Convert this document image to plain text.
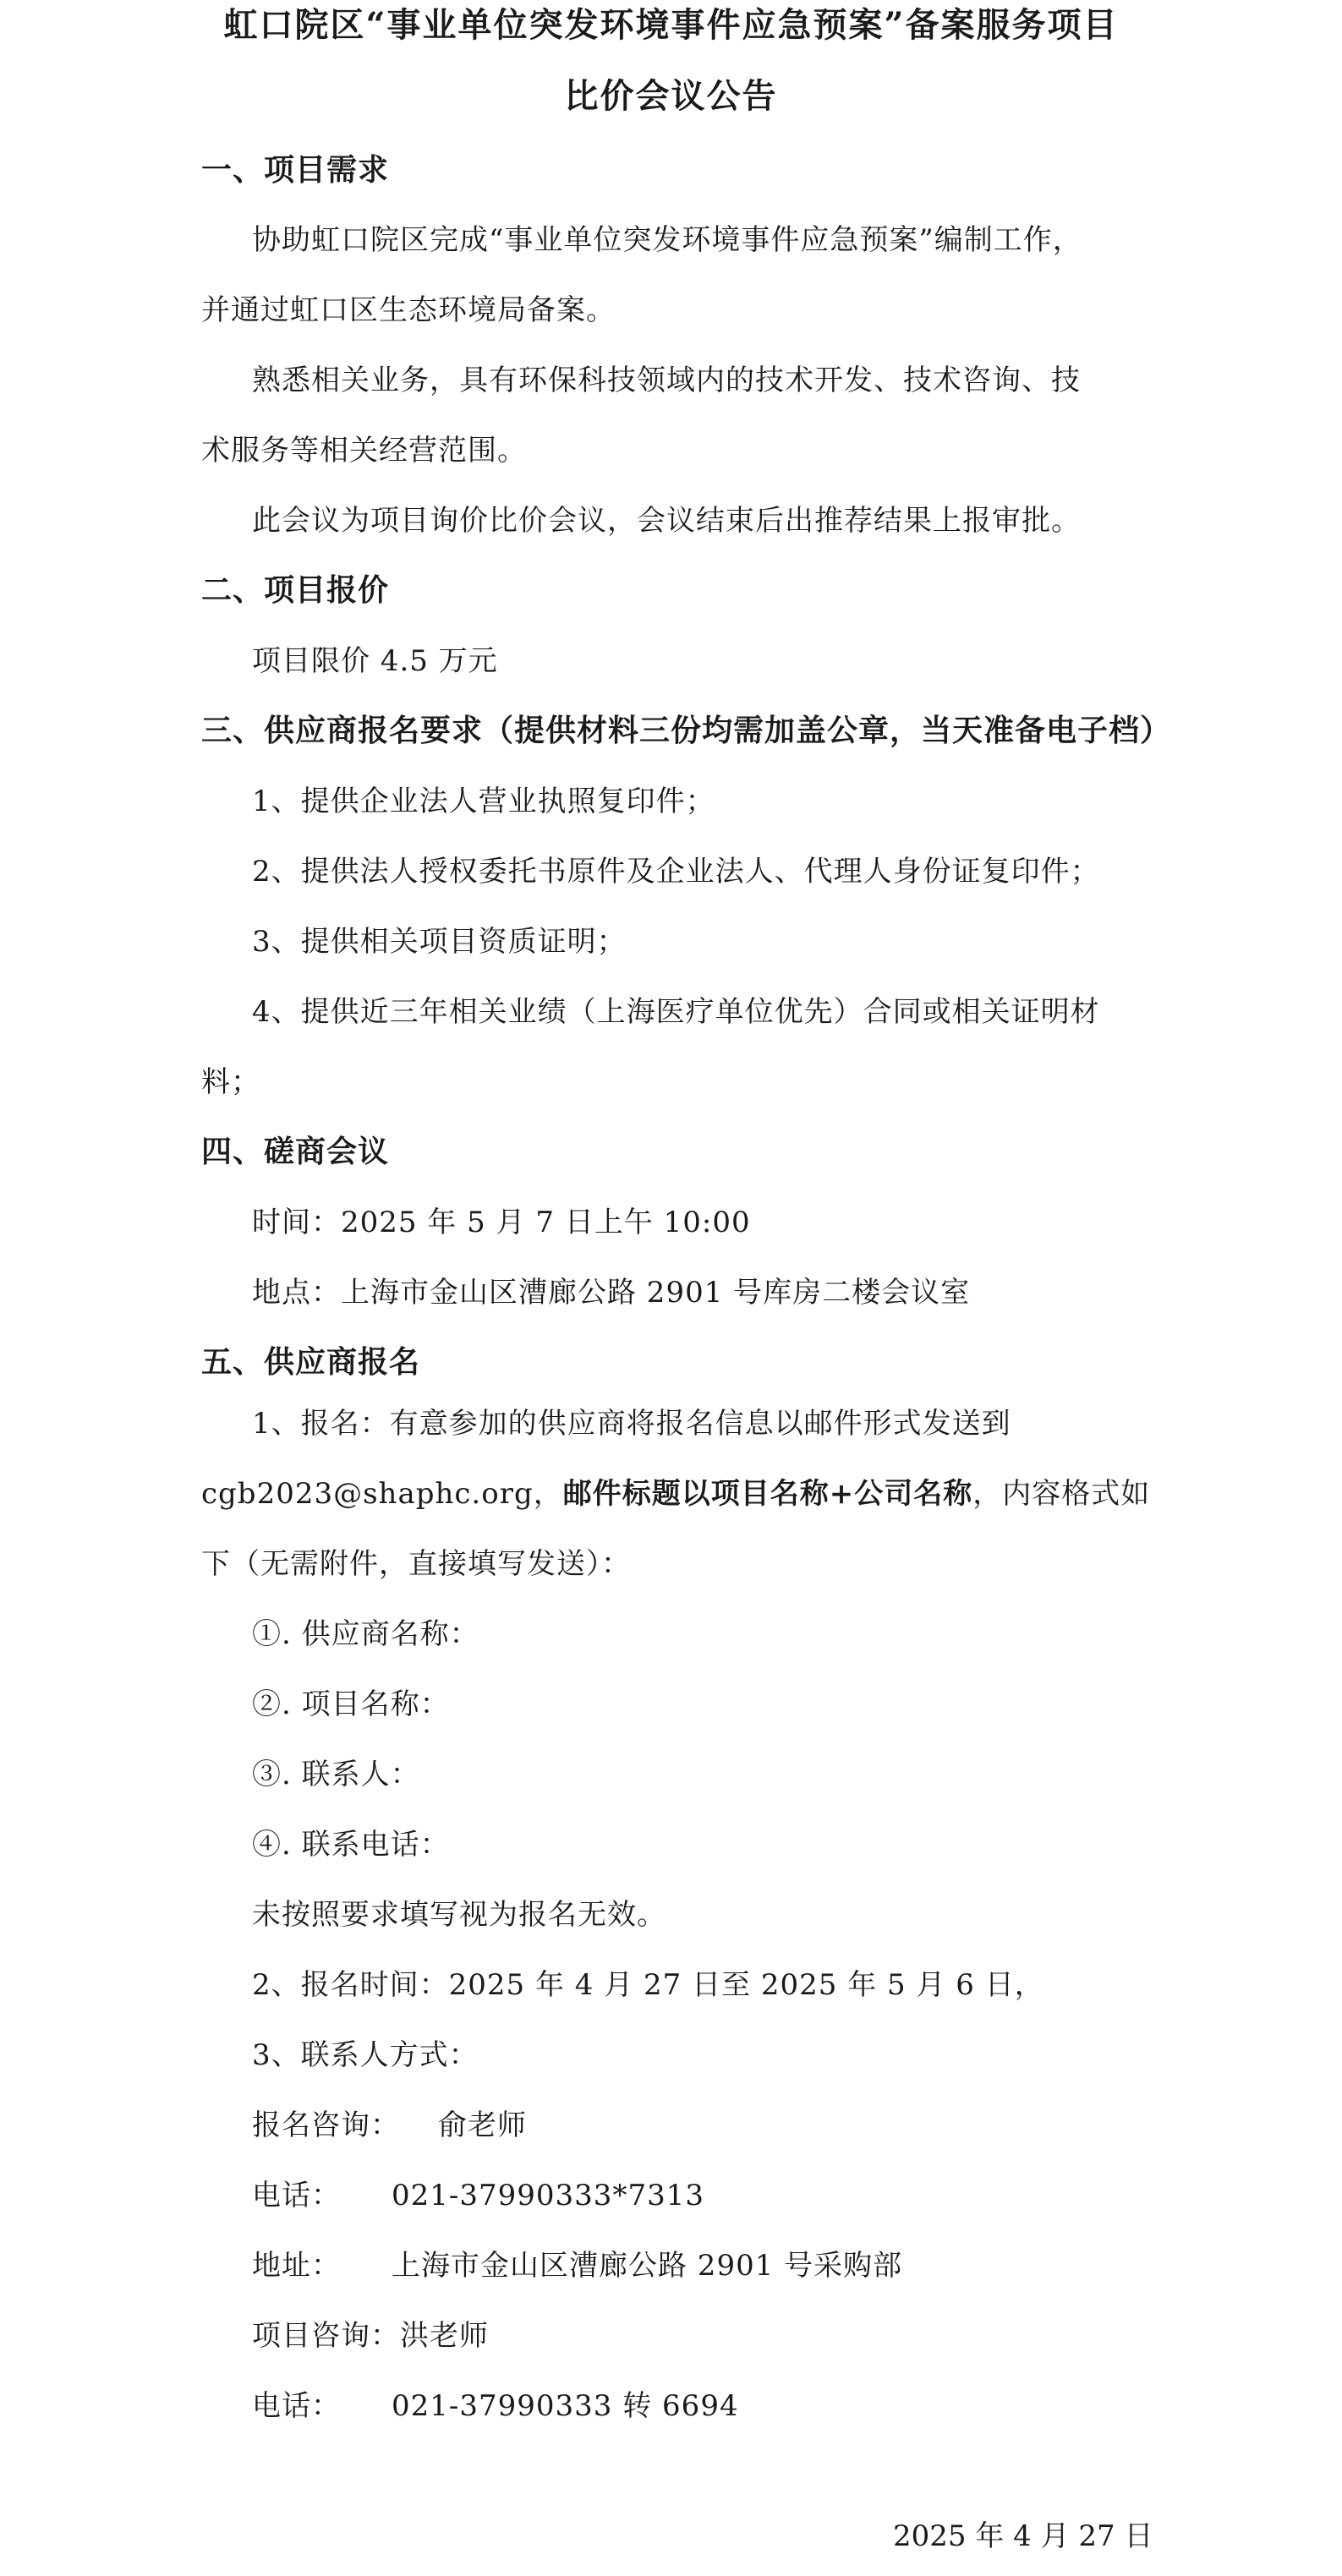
虹口院区“事业单位突发环境事件应急预案”备案服务项目
比价会议公告
一、项目需求
协助虹口院区完成“事业单位突发环境事件应急预案”编制工作，
并通过虹口区生态环境局备案。
熟悉相关业务，具有环保科技领域内的技术开发、技术咨询、技
术服务等相关经营范围。
此会议为项目询价比价会议，会议结束后出推荐结果上报审批。
二、项目报价
项目限价 4.5 万元
三、供应商报名要求（提供材料三份均需加盖公章，当天准备电子档）
1、提供企业法人营业执照复印件；
2、提供法人授权委托书原件及企业法人、代理人身份证复印件；
3、提供相关项目资质证明；
4、提供近三年相关业绩（上海医疗单位优先）合同或相关证明材
料；
四、磋商会议
时间：2025 年 5 月 7 日上午 10:00
地点：上海市金山区漕廊公路 2901 号库房二楼会议室
五、供应商报名
1、报名：有意参加的供应商将报名信息以邮件形式发送到
cgb2023@shaphc.org，邮件标题以项目名称+公司名称，内容格式如
下（无需附件，直接填写发送）：
①. 供应商名称：
②. 项目名称：
③. 联系人：
④. 联系电话：
未按照要求填写视为报名无效。
2、报名时间：2025 年 4 月 27 日至 2025 年 5 月 6 日，
3、联系人方式：
报名咨询： 俞老师
电话： 021-37990333*7313
地址： 上海市金山区漕廊公路 2901 号采购部
项目咨询：洪老师
电话： 021-37990333 转 6694
2025 年 4 月 27 日
